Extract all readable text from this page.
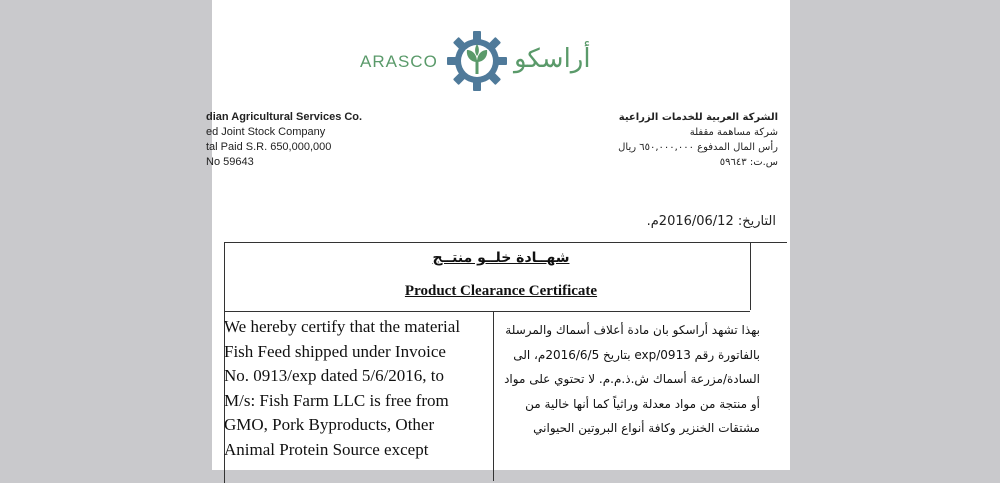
ARASCO	أراسكو
dian Agricultural Services Co.
ed Joint Stock Company
tal Paid S.R. 650,000,000
No 59643
الشركة العربية للخدمات الزراعية
شركة مساهمة مقفلة
رأس المال المدفوع ٦٥٠,٠٠٠,٠٠٠ ريال
س.ت: ٥٩٦٤٣
التاريخ: 2016/06/12م.
شهــادة خلــو منتــج
Product Clearance Certificate
We hereby certify that the material
Fish Feed shipped under Invoice
No. 0913/exp dated 5/6/2016, to
M/s: Fish Farm LLC is free from
GMO, Pork Byproducts, Other
Animal Protein Source except
بهذا تشهد أراسكو بان مادة أعلاف أسماك والمرسلة
بالفاتورة رقم exp/0913 بتاريخ 2016/6/5م، الى
السادة/مزرعة أسماك ش.ذ.م.م. لا تحتوي على مواد
أو منتجة من مواد معدلة وراثياً كما أنها خالية من
مشتقات الخنزير وكافة أنواع البروتين الحيواني
